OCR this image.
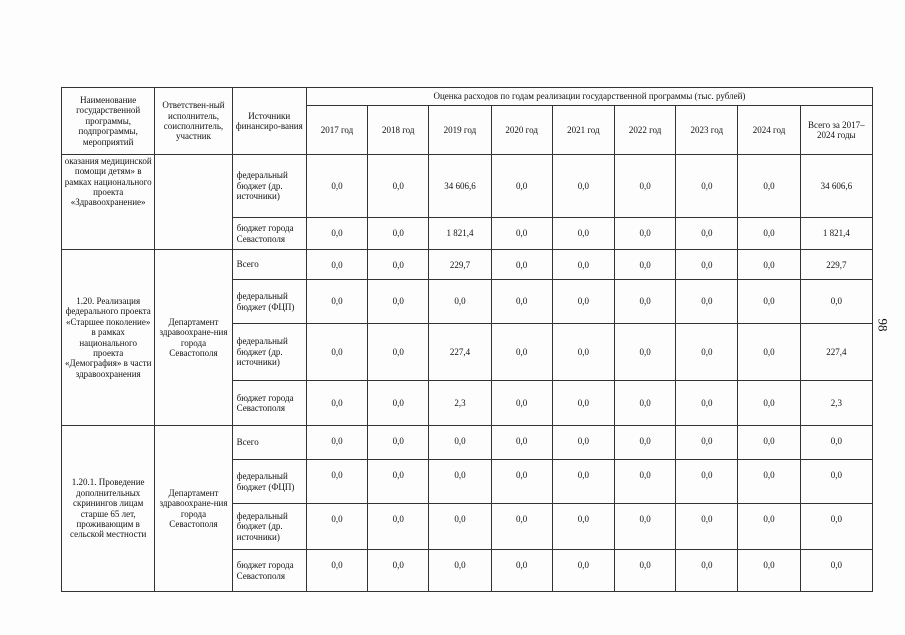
Наименование государственной программы, подпрограммы, мероприятий	Ответствен-ный исполнитель, соисполнитель, участник	Источники финансиро-вания	Оценка расходов по годам реализации государственной программы (тыс. рублей)								
			2017 год	2018 год	2019 год	2020 год	2021 год	2022 год	2023 год	2024 год	Всего за 2017–2024 годы
оказания медицинской помощи детям» в рамках национального проекта «Здравоохранение»		федеральный бюджет (др. источники)	0,0	0,0	34 606,6	0,0	0,0	0,0	0,0	0,0	34 606,6
		бюджет города Севастополя	0,0	0,0	1 821,4	0,0	0,0	0,0	0,0	0,0	1 821,4
1.20. Реализация федерального проекта «Старшее поколение» в рамках национального проекта «Демография» в части здравоохранения	Департамент здравоохране-ния города Севастополя	Всего	0,0	0,0	229,7	0,0	0,0	0,0	0,0	0,0	229,7
		федеральный бюджет (ФЦП)	0,0	0,0	0,0	0,0	0,0	0,0	0,0	0,0	0,0
		федеральный бюджет (др. источники)	0,0	0,0	227,4	0,0	0,0	0,0	0,0	0,0	227,4
		бюджет города Севастополя	0,0	0,0	2,3	0,0	0,0	0,0	0,0	0,0	2,3
1.20.1. Проведение дополнительных скринингов лицам старше 65 лет, проживающим в сельской местности	Департамент здравоохране-ния города Севастополя	Всего	0,0	0,0	0,0	0,0	0,0	0,0	0,0	0,0	0,0
		федеральный бюджет (ФЦП)	0,0	0,0	0,0	0,0	0,0	0,0	0,0	0,0	0,0
		федеральный бюджет (др. источники)	0,0	0,0	0,0	0,0	0,0	0,0	0,0	0,0	0,0
		бюджет города Севастополя	0,0	0,0	0,0	0,0	0,0	0,0	0,0	0,0	0,0
98
